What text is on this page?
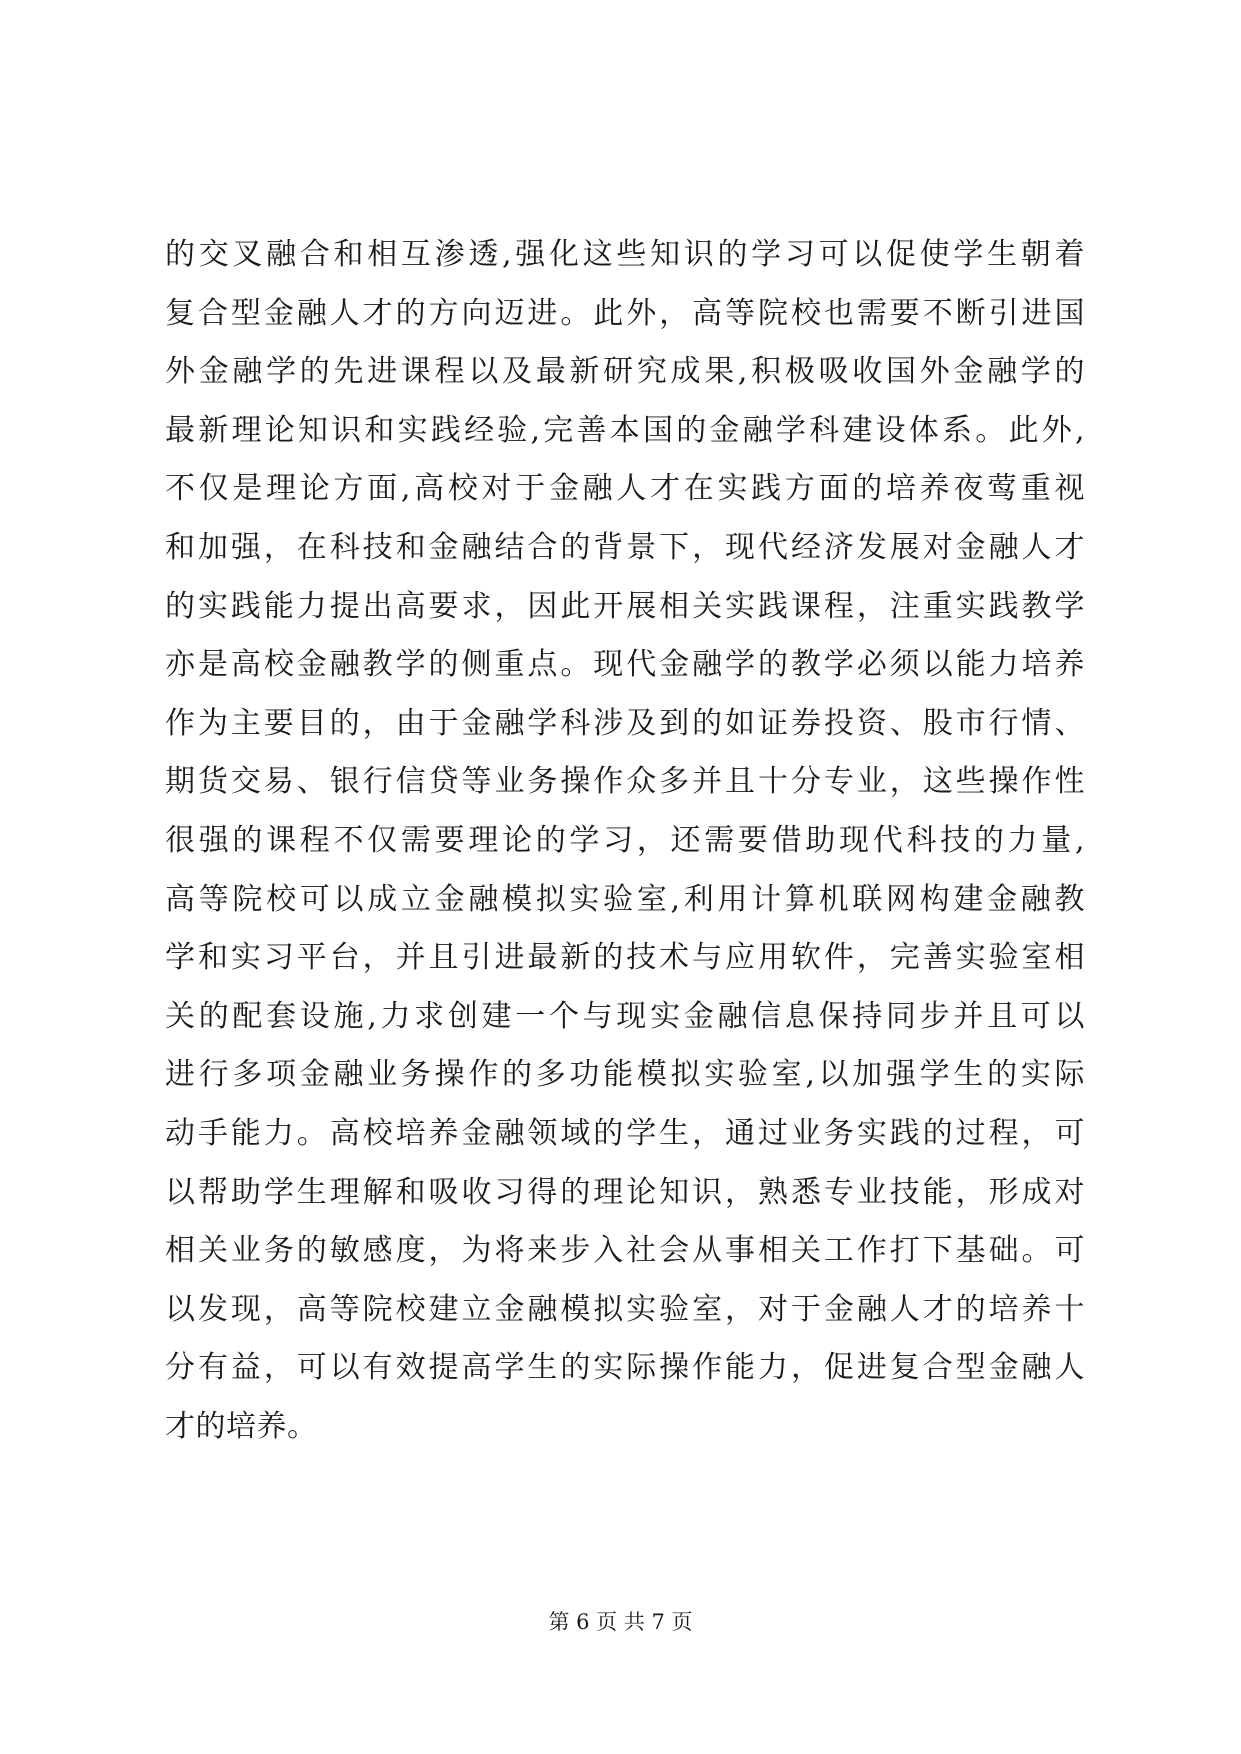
的交叉融合和相互渗透,强化这些知识的学习可以促使学生朝着
复合型金融人才的方向迈进。此外，高等院校也需要不断引进国
外金融学的先进课程以及最新研究成果,积极吸收国外金融学的
最新理论知识和实践经验,完善本国的金融学科建设体系。此外,
不仅是理论方面,高校对于金融人才在实践方面的培养夜莺重视
和加强，在科技和金融结合的背景下，现代经济发展对金融人才
的实践能力提出高要求，因此开展相关实践课程，注重实践教学
亦是高校金融教学的侧重点。现代金融学的教学必须以能力培养
作为主要目的，由于金融学科涉及到的如证券投资、股市行情、
期货交易、银行信贷等业务操作众多并且十分专业，这些操作性
很强的课程不仅需要理论的学习，还需要借助现代科技的力量,
高等院校可以成立金融模拟实验室,利用计算机联网构建金融教
学和实习平台，并且引进最新的技术与应用软件，完善实验室相
关的配套设施,力求创建一个与现实金融信息保持同步并且可以
进行多项金融业务操作的多功能模拟实验室,以加强学生的实际
动手能力。高校培养金融领域的学生，通过业务实践的过程，可
以帮助学生理解和吸收习得的理论知识，熟悉专业技能，形成对
相关业务的敏感度，为将来步入社会从事相关工作打下基础。可
以发现，高等院校建立金融模拟实验室，对于金融人才的培养十
分有益，可以有效提高学生的实际操作能力，促进复合型金融人
才的培养。
第 6 页 共 7 页
